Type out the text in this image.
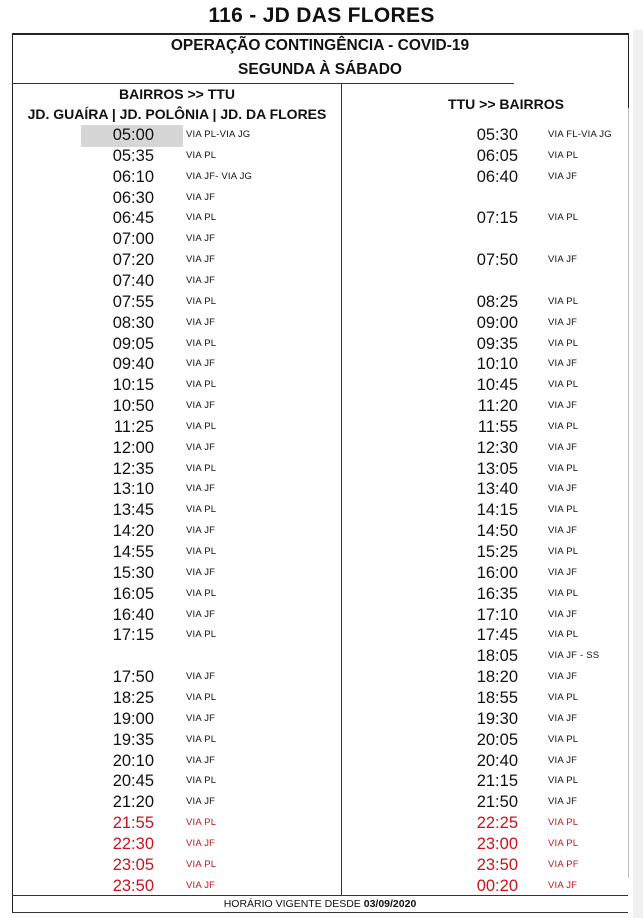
116 - JD DAS FLORES
OPERAÇÃO CONTINGÊNCIA - COVID-19
SEGUNDA À SÁBADO
BAIRROS >> TTU
JD. GUAÍRA | JD. POLÔNIA | JD. DA FLORES
TTU >> BAIRROS
05:00	VIA PL-VIA JG
05:35	VIA PL
06:10	VIA JF- VIA JG
06:30	VIA JF
06:45	VIA PL
07:00	VIA JF
07:20	VIA JF
07:40	VIA JF
07:55	VIA PL
08:30	VIA JF
09:05	VIA PL
09:40	VIA JF
10:15	VIA PL
10:50	VIA JF
11:25	VIA PL
12:00	VIA JF
12:35	VIA PL
13:10	VIA JF
13:45	VIA PL
14:20	VIA JF
14:55	VIA PL
15:30	VIA JF
16:05	VIA PL
16:40	VIA JF
17:15	VIA PL
17:50	VIA JF
18:25	VIA PL
19:00	VIA JF
19:35	VIA PL
20:10	VIA JF
20:45	VIA PL
21:20	VIA JF
21:55	VIA PL
22:30	VIA JF
23:05	VIA PL
23:50	VIA JF
05:30	VIA FL-VIA JG
06:05	VIA PL
06:40	VIA JF
07:15	VIA PL
07:50	VIA JF
08:25	VIA PL
09:00	VIA JF
09:35	VIA PL
10:10	VIA JF
10:45	VIA PL
11:20	VIA JF
11:55	VIA PL
12:30	VIA JF
13:05	VIA PL
13:40	VIA JF
14:15	VIA PL
14:50	VIA JF
15:25	VIA PL
16:00	VIA JF
16:35	VIA PL
17:10	VIA JF
17:45	VIA PL
18:05	VIA JF - SS
18:20	VIA JF
18:55	VIA PL
19:30	VIA JF
20:05	VIA PL
20:40	VIA JF
21:15	VIA PL
21:50	VIA JF
22:25	VIA PL
23:00	VIA PL
23:50	VIA PF
00:20	VIA JF
HORÁRIO VIGENTE DESDE 03/09/2020
